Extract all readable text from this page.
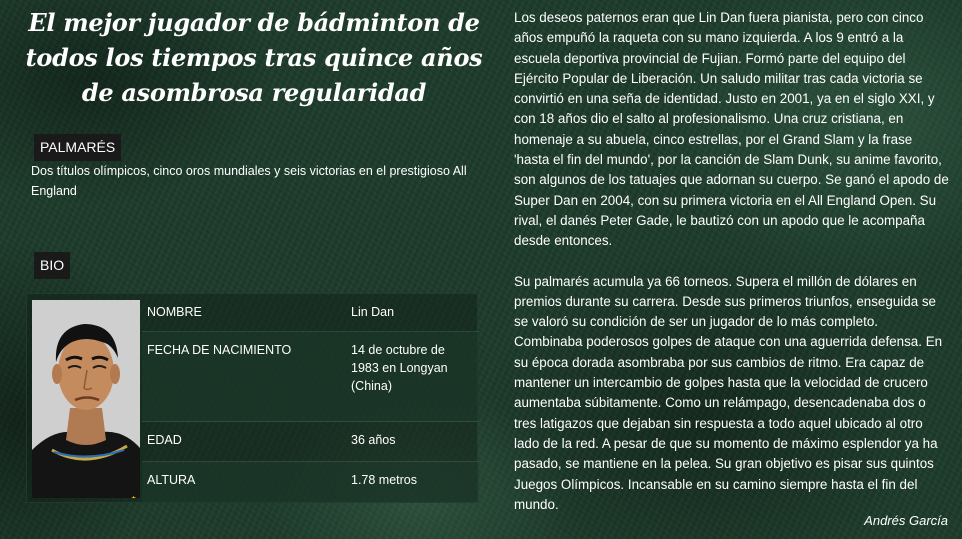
El mejor jugador de bádminton de todos los tiempos tras quince años de asombrosa regularidad
PALMARÉS

Dos títulos olímpicos, cinco oros mundiales y seis victorias en el prestigioso All England

BIO
NOMBRE	Lin Dan
FECHA DE NACIMIENTO	14 de octubre de 1983 en Longyan (China)
EDAD	36 años
ALTURA	1.78 metros

Los deseos paternos eran que Lin Dan fuera pianista, pero con cinco años empuñó la raqueta con su mano izquierda. A los 9 entró a la escuela deportiva provincial de Fujian. Formó parte del equipo del Ejército Popular de Liberación. Un saludo militar tras cada victoria se convirtió en una seña de identidad. Justo en 2001, ya en el siglo XXI, y con 18 años dio el salto al profesionalismo. Una cruz cristiana, en homenaje a su abuela, cinco estrellas, por el Grand Slam y la frase 'hasta el fin del mundo', por la canción de Slam Dunk, su anime favorito, son algunos de los tatuajes que adornan su cuerpo. Se ganó el apodo de Super Dan en 2004, con su primera victoria en el All England Open. Su rival, el danés Peter Gade, le bautizó con un apodo que le acompaña desde entonces.

Su palmarés acumula ya 66 torneos. Supera el millón de dólares en premios durante su carrera. Desde sus primeros triunfos, enseguida se se valoró su condición de ser un jugador de lo más completo. Combinaba poderosos golpes de ataque con una aguerrida defensa. En su época dorada asombraba por sus cambios de ritmo. Era capaz de mantener un intercambio de golpes hasta que la velocidad de crucero aumentaba súbitamente. Como un relámpago, desencadenaba dos o tres latigazos que dejaban sin respuesta a todo aquel ubicado al otro lado de la red. A pesar de que su momento de máximo esplendor ya ha pasado, se mantiene en la pelea. Su gran objetivo es pisar sus quintos Juegos Olímpicos. Incansable en su camino siempre hasta el fin del mundo.

Andrés García
